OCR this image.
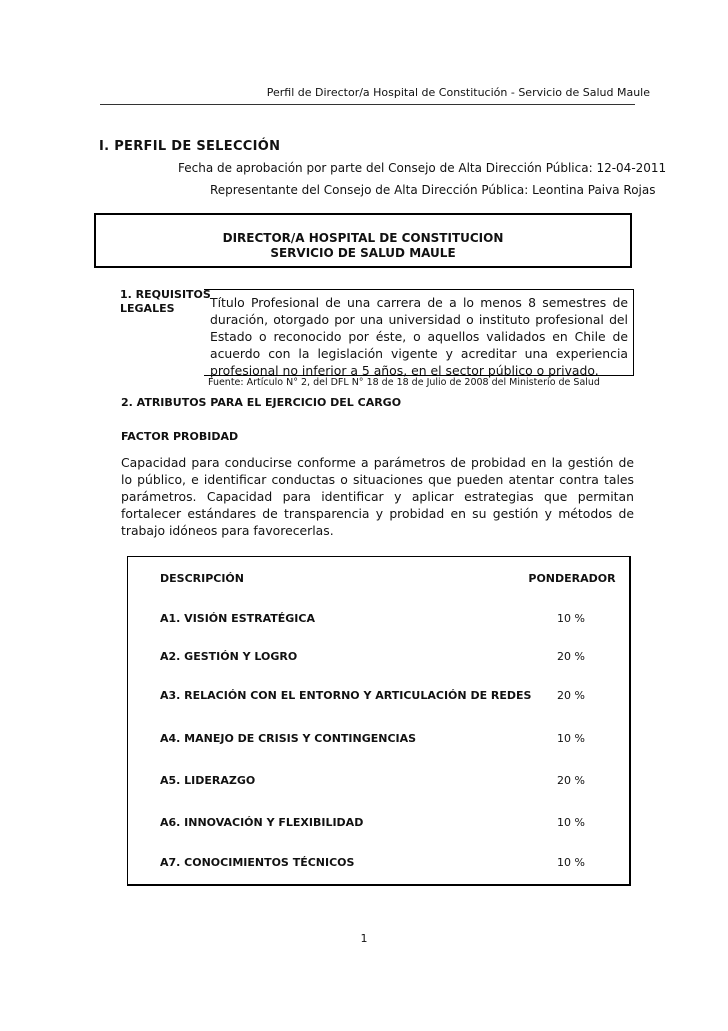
Perfil de Director/a Hospital de Constitución - Servicio de Salud Maule
I. PERFIL DE SELECCIÓN
Fecha de aprobación por parte del Consejo de Alta Dirección Pública: 12-04-2011
Representante del Consejo de Alta Dirección Pública: Leontina Paiva Rojas
DIRECTOR/A HOSPITAL DE CONSTITUCION
SERVICIO DE SALUD MAULE
1. REQUISITOS
LEGALES	Título Profesional de una carrera de a lo menos 8 semestres de duración, otorgado por una universidad o instituto profesional del Estado o reconocido por éste, o aquellos validados en Chile de acuerdo con la legislación vigente y acreditar una experiencia profesional no inferior a 5 años, en el sector público o privado.
Fuente: Artículo N° 2, del DFL N° 18 de 18 de Julio de 2008 del Ministerio de Salud
2. ATRIBUTOS PARA EL EJERCICIO DEL CARGO
FACTOR PROBIDAD
Capacidad para conducirse conforme a parámetros de probidad en la gestión de lo público, e identificar conductas o situaciones que pueden atentar contra tales parámetros. Capacidad para identificar y aplicar estrategias que permitan fortalecer estándares de transparencia y probidad en su gestión y métodos de trabajo idóneos para favorecerlas.
DESCRIPCIÓN	PONDERADOR
A1. VISIÓN ESTRATÉGICA	10 %
A2. GESTIÓN Y LOGRO	20 %
A3. RELACIÓN CON EL ENTORNO Y ARTICULACIÓN DE REDES	20 %
A4. MANEJO DE CRISIS Y CONTINGENCIAS	10 %
A5. LIDERAZGO	20 %
A6. INNOVACIÓN Y FLEXIBILIDAD	10 %
A7. CONOCIMIENTOS TÉCNICOS	10 %
1
